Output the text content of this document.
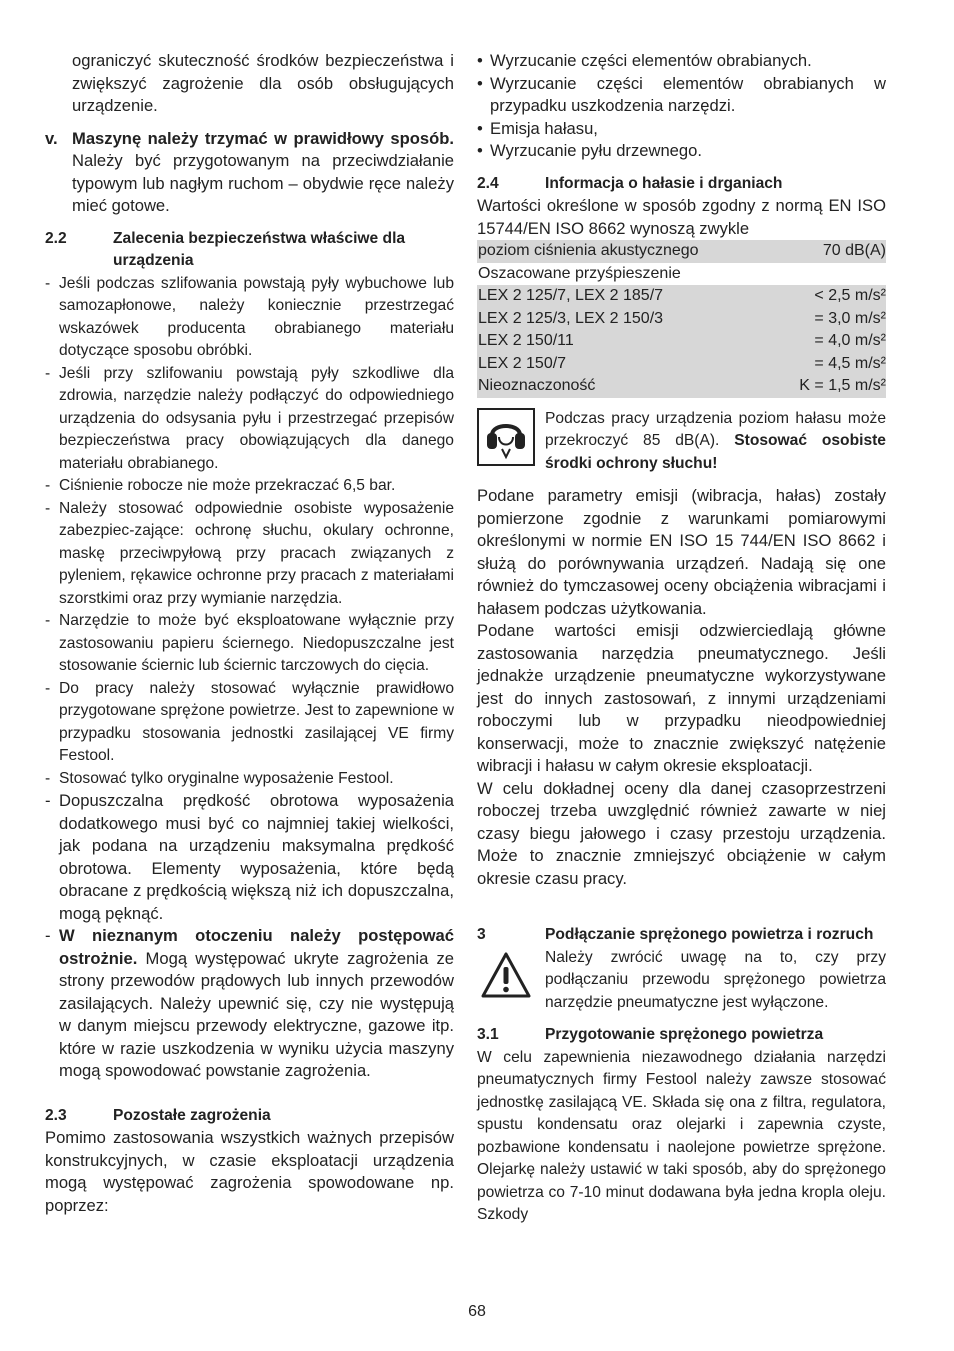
ograniczyć skuteczność środków bezpieczeństwa i zwiększyć zagrożenie dla osób obsługujących urządzenie.

v. Maszynę należy trzymać w prawidłowy sposób. Należy być przygotowanym na przeciwdziałanie typowym lub nagłym ruchom – obydwie ręce należy mieć gotowe.

2.2	Zalecenia bezpieczeństwa właściwe dla urządzenia
- Jeśli podczas szlifowania powstają pyły wybuchowe lub samozapłonowe, należy koniecznie przestrzegać wskazówek producenta obrabianego materiału dotyczące sposobu obróbki.
- Jeśli przy szlifowaniu powstają pyły szkodliwe dla zdrowia, narzędzie należy podłączyć do odpowiedniego urządzenia do odsysania pyłu i przestrzegać przepisów bezpieczeństwa pracy obowiązujących dla danego materiału obrabianego.
- Ciśnienie robocze nie może przekraczać 6,5 bar.
- Należy stosować odpowiednie osobiste wyposażenie zabezpiec-zające: ochronę słuchu, okulary ochronne, maskę przeciwpyłową przy pracach związanych z pyleniem, rękawice ochronne przy pracach z materiałami szorstkimi oraz przy wymianie narzędzia.
- Narzędzie to może być eksploatowane wyłącznie przy zastosowaniu papieru ściernego. Niedopuszczalne jest stosowanie ściernic lub ściernic tarczowych do cięcia.
- Do pracy należy stosować wyłącznie prawidłowo przygotowane sprężone powietrze. Jest to zapewnione w przypadku stosowania jednostki zasilającej VE firmy Festool.
- Stosować tylko oryginalne wyposażenie Festool.
- Dopuszczalna prędkość obrotowa wyposażenia dodatkowego musi być co najmniej takiej wielkości, jak podana na urządzeniu maksymalna prędkość obrotowa. Elementy wyposażenia, które będą obracane z prędkością większą niż ich dopuszczalna, mogą pęknąć.
- W nieznanym otoczeniu należy postępować ostrożnie. Mogą występować ukryte zagrożenia ze strony przewodów prądowych lub innych przewodów zasilających. Należy upewnić się, czy nie występują w danym miejscu przewody elektryczne, gazowe itp. które w razie uszkodzenia w wyniku użycia maszyny mogą spowodować powstanie zagrożenia.
2.3	Pozostałe zagrożenia

Pomimo zastosowania wszystkich ważnych przepisów konstrukcyjnych, w czasie eksploatacji urządzenia mogą występować zagrożenia spowodowane np. poprzez:

• Wyrzucanie części elementów obrabianych.
• Wyrzucanie części elementów obrabianych w przypadku uszkodzenia narzędzi.
• Emisja hałasu,
• Wyrzucanie pyłu drzewnego.
2.4	Informacja o hałasie i drganiach

Wartości określone w sposób zgodny z normą EN ISO 15744/EN ISO 8662 wynoszą zwykle

poziom ciśnienia akustycznego	70 dB(A)
Oszacowane przyśpieszenie	
LEX 2 125/7, LEX 2 185/7	< 2,5 m/s²
LEX 2 125/3, LEX 2 150/3	= 3,0 m/s²
LEX 2 150/11	= 4,0 m/s²
LEX 2 150/7	= 4,5 m/s²
Nieoznaczoność	K = 1,5 m/s²

Podczas pracy urządzenia poziom hałasu może przekroczyć 85 dB(A). Stosować osobiste środki ochrony słuchu!

Podane parametry emisji (wibracja, hałas) zostały pomierzone zgodnie z warunkami pomiarowymi określonymi w normie EN ISO 15 744/EN ISO 8662 i służą do porównywania urządzeń. Nadają się one również do tymczasowej oceny obciążenia wibracjami i hałasem podczas użytkowania.

Podane wartości emisji odzwierciedlają główne zastosowania narzędzia pneumatycznego. Jeśli jednakże urządzenie pneumatyczne wykorzystywane jest do innych zastosowań, z innymi urządzeniami roboczymi lub w przypadku nieodpowiedniej konserwacji, może to znacznie zwiększyć natężenie wibracji i hałasu w całym okresie eksploatacji.

W celu dokładnej oceny dla danej czasoprzestrzeni roboczej trzeba uwzględnić również zawarte w niej czasy biegu jałowego i czasy przestoju urządzenia. Może to znacznie zmniejszyć obciążenie w całym okresie czasu pracy.

3	Podłączanie sprężonego powietrza i rozruch

Należy zwrócić uwagę na to, czy przy podłączaniu przewodu sprężonego powietrza narzędzie pneumatyczne jest wyłączone.

3.1	Przygotowanie sprężonego powietrza

W celu zapewnienia niezawodnego działania narzędzi pneumatycznych firmy Festool należy zawsze stosować jednostkę zasilającą VE. Składa się ona z filtra, regulatora, spustu kondensatu oraz olejarki i zapewnia czyste, pozbawione kondensatu i naolejone powietrze sprężone. Olejarkę należy ustawić w taki sposób, aby do sprężonego powietrza co 7-10 minut dodawana była jedna kropla oleju. Szkody

68
